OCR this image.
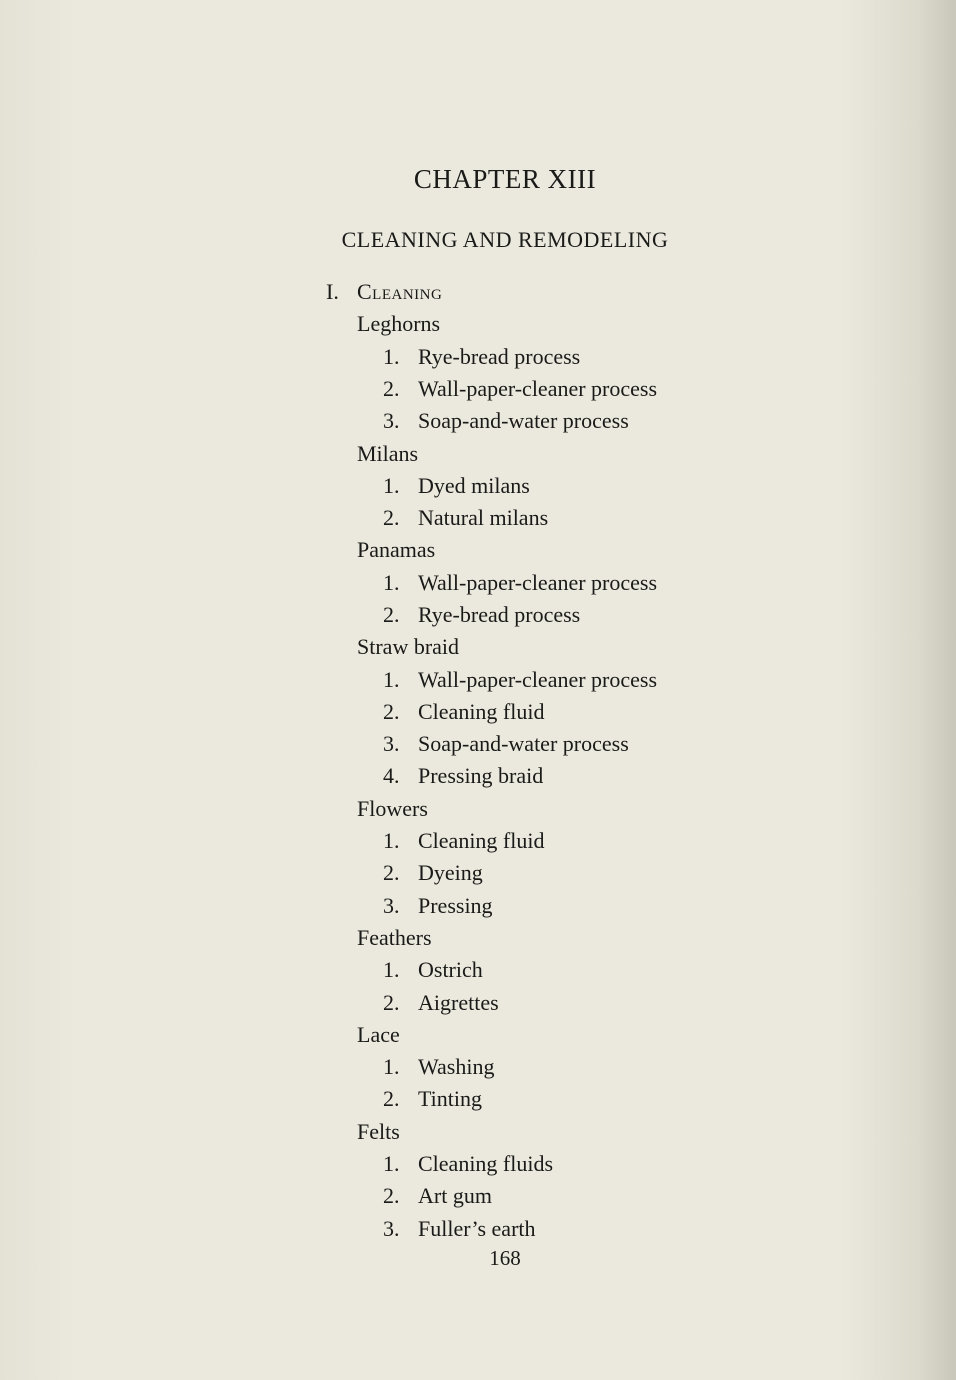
CHAPTER XIII
CLEANING AND REMODELING
I. Cleaning
Leghorns
1. Rye-bread process
2. Wall-paper-cleaner process
3. Soap-and-water process
Milans
1. Dyed milans
2. Natural milans
Panamas
1. Wall-paper-cleaner process
2. Rye-bread process
Straw braid
1. Wall-paper-cleaner process
2. Cleaning fluid
3. Soap-and-water process
4. Pressing braid
Flowers
1. Cleaning fluid
2. Dyeing
3. Pressing
Feathers
1. Ostrich
2. Aigrettes
Lace
1. Washing
2. Tinting
Felts
1. Cleaning fluids
2. Art gum
3. Fuller’s earth
168
